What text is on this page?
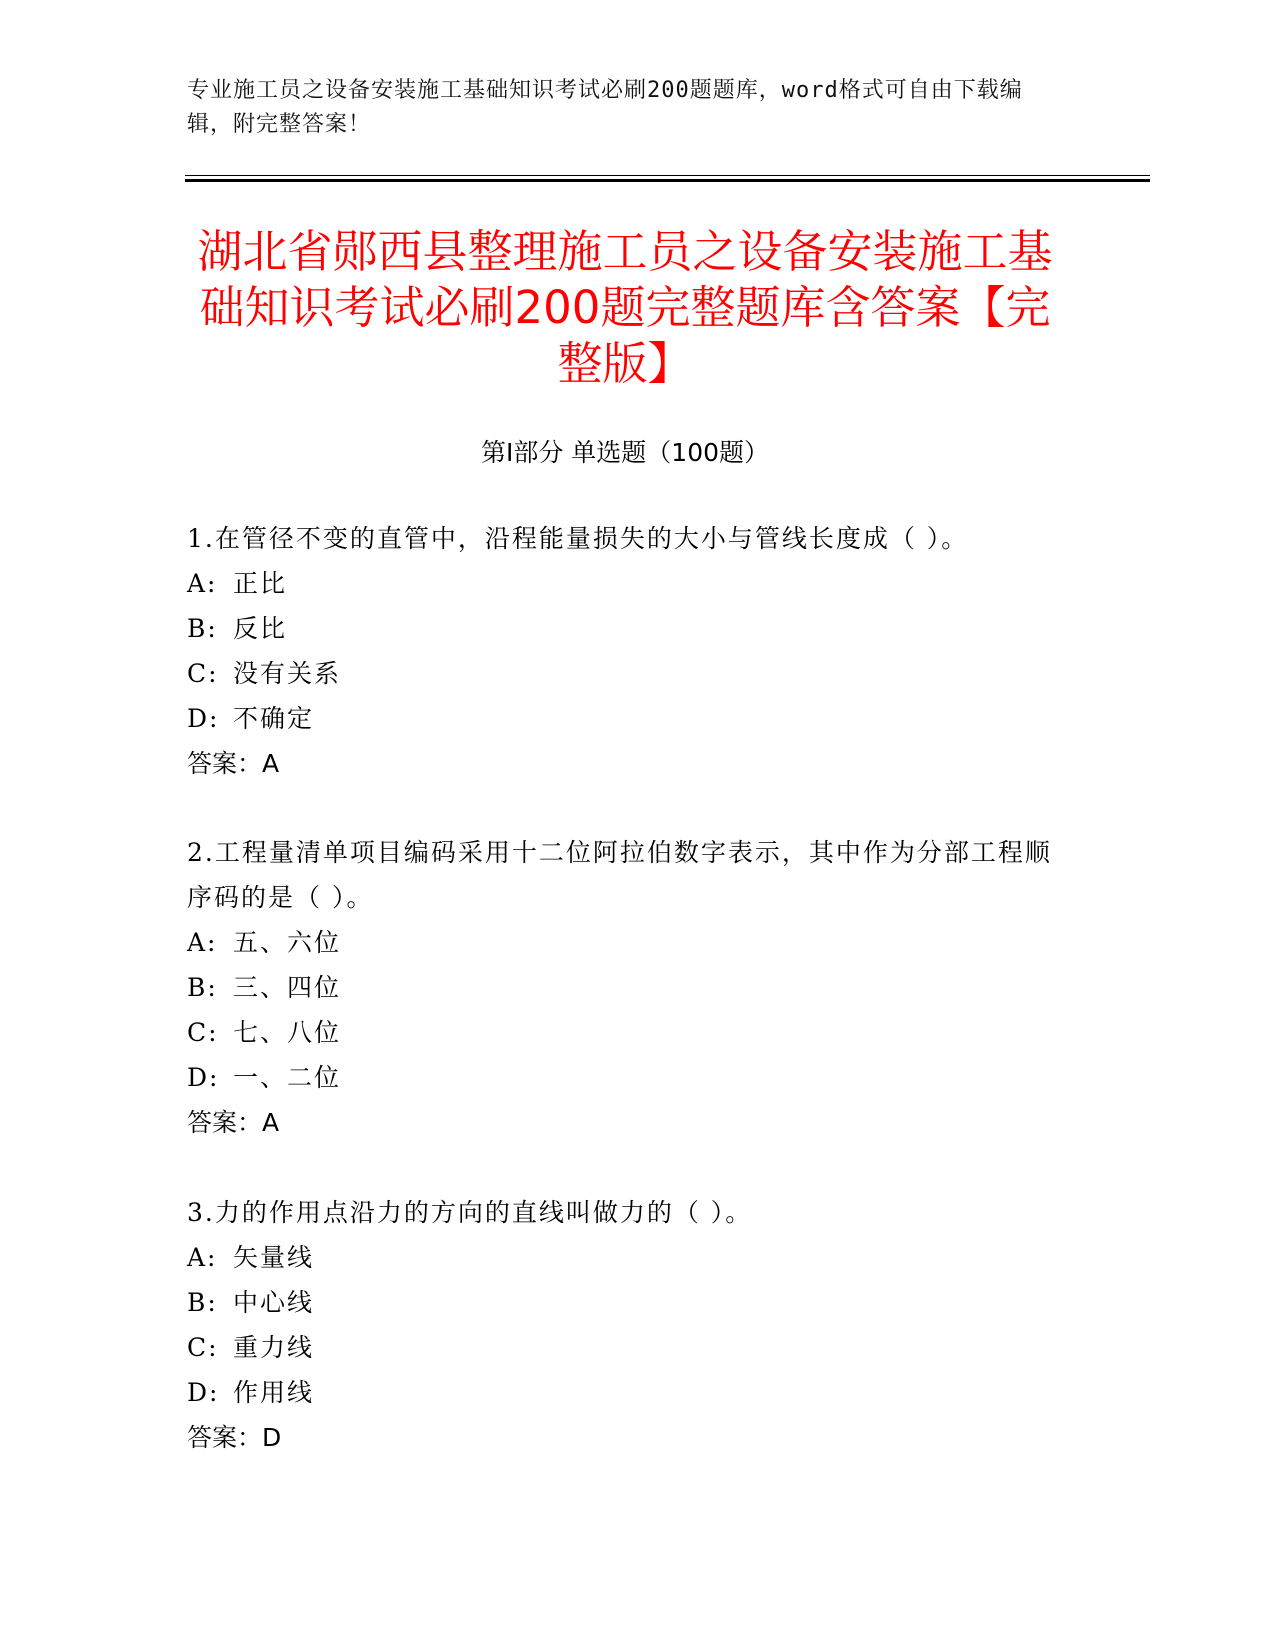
专业施工员之设备安装施工基础知识考试必刷200题题库，word格式可自由下载编辑，附完整答案！
湖北省郧西县整理施工员之设备安装施工基础知识考试必刷200题完整题库含答案【完整版】
第Ⅰ部分 单选题（100题）
1.在管径不变的直管中，沿程能量损失的大小与管线长度成（ ）。
A: 正比
B: 反比
C: 没有关系
D: 不确定
答案：A
2.工程量清单项目编码采用十二位阿拉伯数字表示，其中作为分部工程顺序码的是（ ）。
A: 五、六位
B: 三、四位
C: 七、八位
D: 一、二位
答案：A
3.力的作用点沿力的方向的直线叫做力的（ ）。
A: 矢量线
B: 中心线
C: 重力线
D: 作用线
答案：D
